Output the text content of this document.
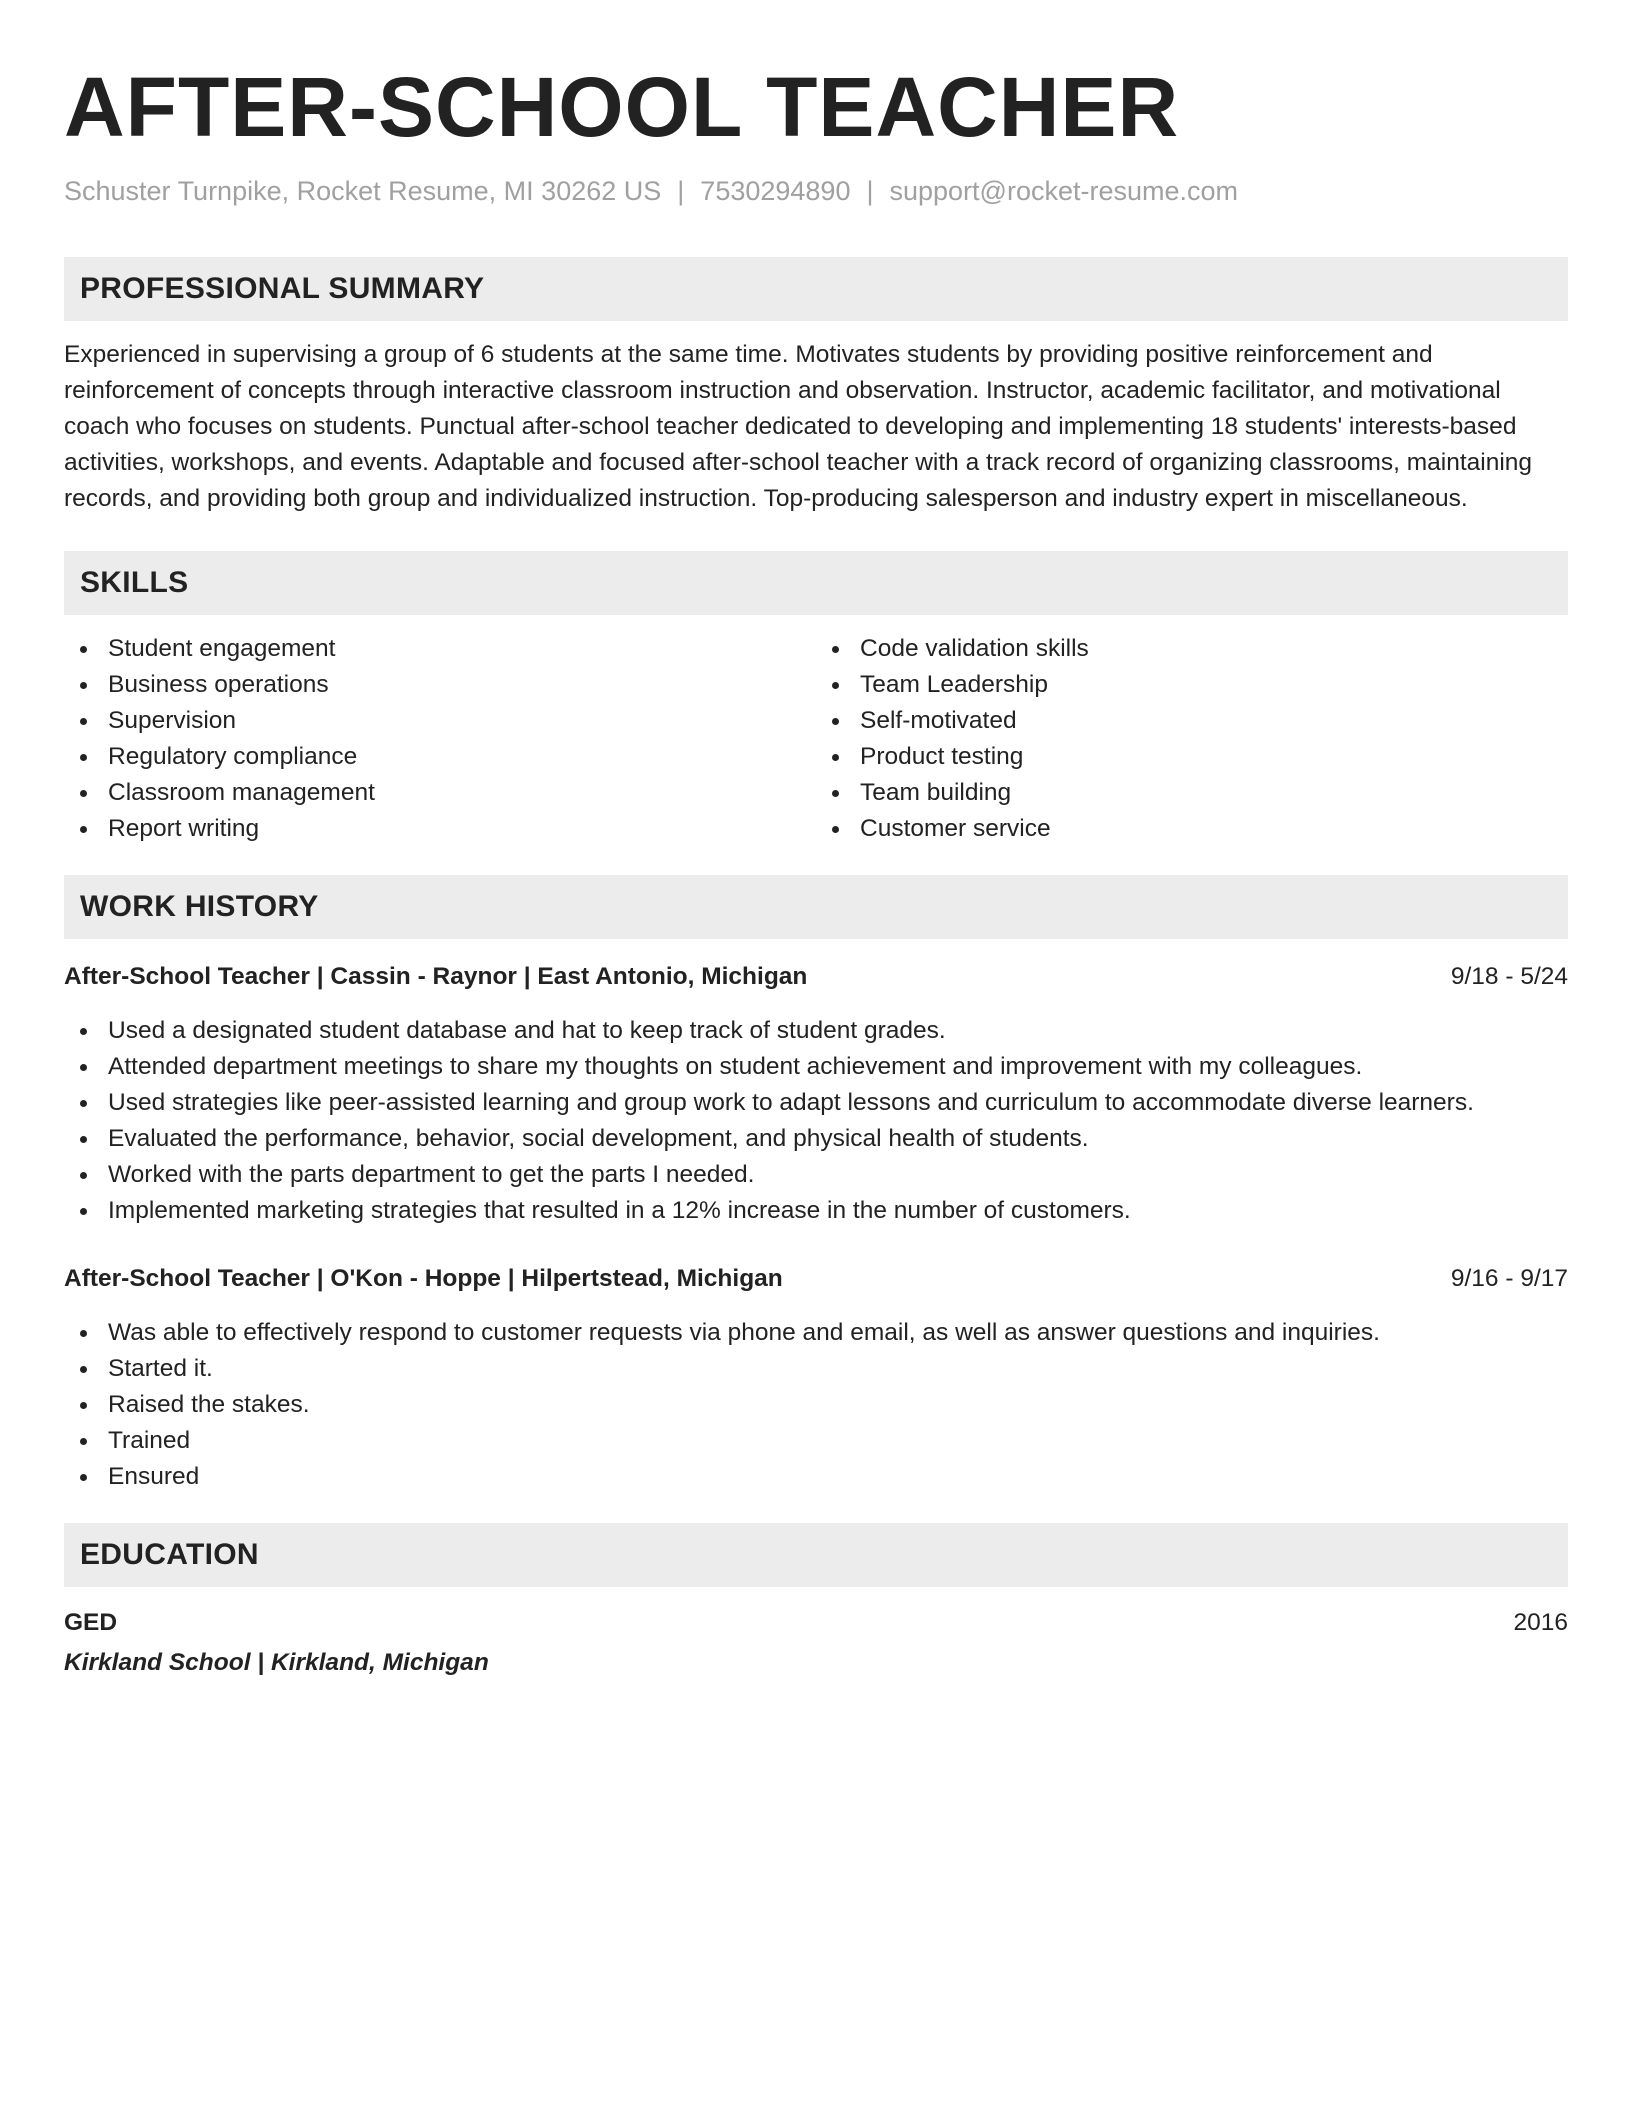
AFTER-SCHOOL TEACHER
Schuster Turnpike, Rocket Resume, MI 30262 US | 7530294890 | support@rocket-resume.com
PROFESSIONAL SUMMARY
Experienced in supervising a group of 6 students at the same time. Motivates students by providing positive reinforcement and reinforcement of concepts through interactive classroom instruction and observation. Instructor, academic facilitator, and motivational coach who focuses on students. Punctual after-school teacher dedicated to developing and implementing 18 students' interests-based activities, workshops, and events. Adaptable and focused after-school teacher with a track record of organizing classrooms, maintaining records, and providing both group and individualized instruction. Top-producing salesperson and industry expert in miscellaneous.
SKILLS
Student engagement
Business operations
Supervision
Regulatory compliance
Classroom management
Report writing
Code validation skills
Team Leadership
Self-motivated
Product testing
Team building
Customer service
WORK HISTORY
After-School Teacher | Cassin - Raynor | East Antonio, Michigan	9/18 - 5/24
Used a designated student database and hat to keep track of student grades.
Attended department meetings to share my thoughts on student achievement and improvement with my colleagues.
Used strategies like peer-assisted learning and group work to adapt lessons and curriculum to accommodate diverse learners.
Evaluated the performance, behavior, social development, and physical health of students.
Worked with the parts department to get the parts I needed.
Implemented marketing strategies that resulted in a 12% increase in the number of customers.
After-School Teacher | O'Kon - Hoppe | Hilpertstead, Michigan	9/16 - 9/17
Was able to effectively respond to customer requests via phone and email, as well as answer questions and inquiries.
Started it.
Raised the stakes.
Trained
Ensured
EDUCATION
GED	2016
Kirkland School | Kirkland, Michigan
